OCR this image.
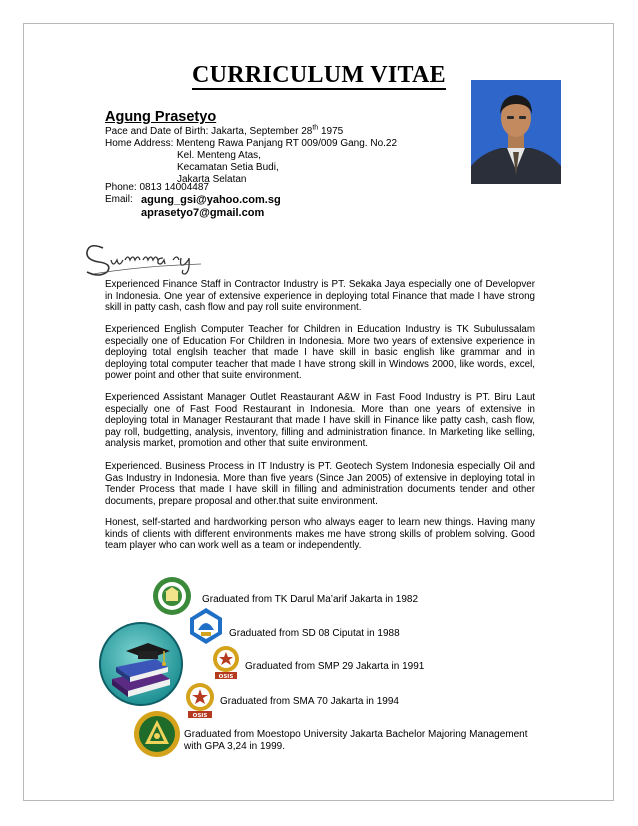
CURRICULUM VITAE
Agung Prasetyo
Pace and Date of Birth: Jakarta, September 28th 1975
Home Address: Menteng Rawa Panjang RT 009/009 Gang. No.22
Kel. Menteng Atas,
Kecamatan Setia Budi,
Jakarta Selatan
Phone: 0813 14004487
Email: agung_gsi@yahoo.com.sg
aprasetyo7@gmail.com
Experienced Finance Staff in Contractor Industry is PT. Sekaka Jaya especially one of Developver in Indonesia. One year of extensive experience in deploying total Finance that made I have strong skill in patty cash, cash flow and pay roll suite environment.
Experienced English Computer Teacher for Children in Education Industry is TK Subulussalam especially one of Education For Children in Indonesia. More two years of extensive experience in deploying total englsih teacher that made I have skill in basic english like grammar and in deploying total computer teacher that made I have strong skill in Windows 2000, like words, excel, power point and other that suite environment.
Experienced Assistant Manager Outlet Reastaurant A&W in Fast Food Industry is PT. Biru Laut especially one of Fast Food Restaurant in Indonesia. More than one years of extensive in deploying total in Manager Restaurant that made I have skill in Finance like patty cash, cash flow, pay roll, budgetting, analysis, inventory, filling and administration finance. In Marketing like selling, analysis market, promotion and other that suite environment.
Experienced. Business Process in IT Industry is PT. Geotech System Indonesia especially Oil and Gas Industry in Indonesia. More than five years (Since Jan 2005) of extensive in deploying total in Tender Process that made I have skill in filling and administration documents tender and other documents, prepare proposal and other.that suite environment.
Honest, self-started and hardworking person who always eager to learn new things. Having many kinds of clients with different environments makes me have strong skills of problem solving. Good team player who can work well as a team or independently.
OSIS
OSIS
Graduated from TK Darul Ma’arif Jakarta in 1982
Graduated from SD 08 Ciputat in 1988
Graduated from SMP 29 Jakarta in 1991
Graduated from SMA 70 Jakarta in 1994
Graduated from Moestopo University Jakarta Bachelor Majoring Management
with GPA 3,24 in 1999.
